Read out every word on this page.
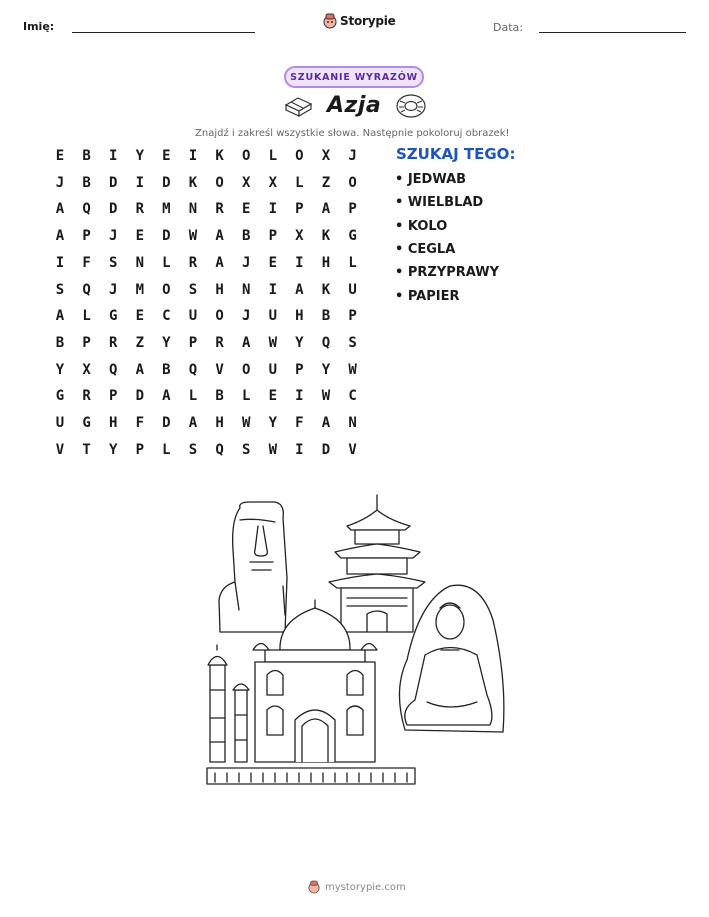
Imię:	Storypie	Data:
SZUKANIE WYRAZÓW
Azja
Znajdź i zakreśl wszystkie słowa. Następnie pokoloruj obrazek!
E	B	I	Y	E	I	K	O	L	O	X	J
J	B	D	I	D	K	O	X	X	L	Z	O
A	Q	D	R	M	N	R	E	I	P	A	P
A	P	J	E	D	W	A	B	P	X	K	G
I	F	S	N	L	R	A	J	E	I	H	L
S	Q	J	M	O	S	H	N	I	A	K	U
A	L	G	E	C	U	O	J	U	H	B	P
B	P	R	Z	Y	P	R	A	W	Y	Q	S
Y	X	Q	A	B	Q	V	O	U	P	Y	W
G	R	P	D	A	L	B	L	E	I	W	C
U	G	H	F	D	A	H	W	Y	F	A	N
V	T	Y	P	L	S	Q	S	W	I	D	V
SZUKAJ TEGO:
• JEDWAB
• WIELBLAD
• KOLO
• CEGLA
• PRZYPRAWY
• PAPIER
mystorypie.com
